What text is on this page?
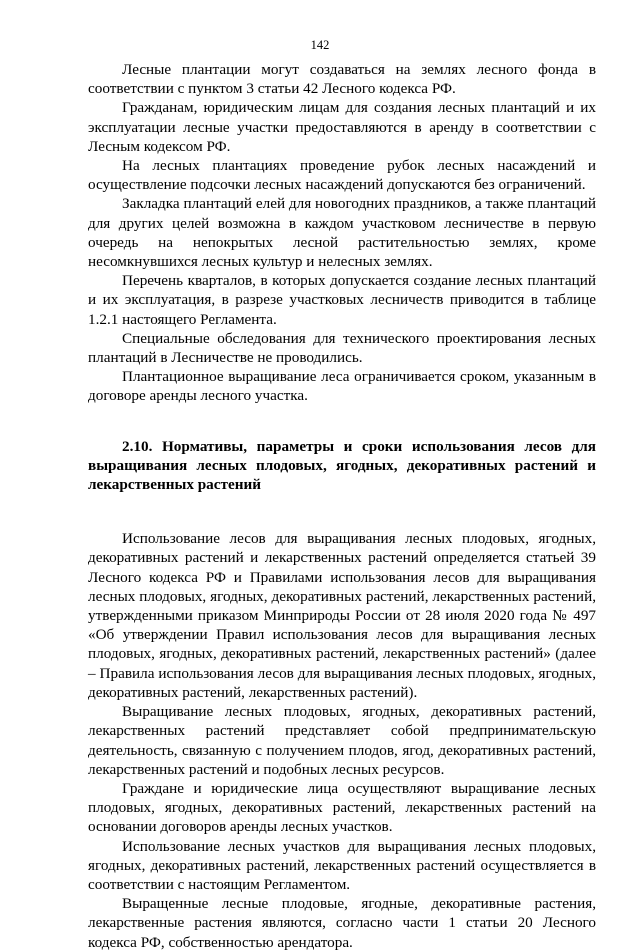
142

Лесные плантации могут создаваться на землях лесного фонда в соответствии с пунктом 3 статьи 42 Лесного кодекса РФ.

Гражданам, юридическим лицам для создания лесных плантаций и их эксплуатации лесные участки предоставляются в аренду в соответствии с Лесным кодексом РФ.

На лесных плантациях проведение рубок лесных насаждений и осуществление подсочки лесных насаждений допускаются без ограничений.

Закладка плантаций елей для новогодних праздников, а также плантаций для других целей возможна в каждом участковом лесничестве в первую очередь на непокрытых лесной растительностью землях, кроме несомкнувшихся лесных культур и нелесных землях.

Перечень кварталов, в которых допускается создание лесных плантаций и их эксплуатация, в разрезе участковых лесничеств приводится в таблице 1.2.1 настоящего Регламента.

Специальные обследования для технического проектирования лесных плантаций в Лесничестве не проводились.

Плантационное выращивание леса ограничивается сроком, указанным в договоре аренды лесного участка.

2.10. Нормативы, параметры и сроки использования лесов для выращивания лесных плодовых, ягодных, декоративных растений и лекарственных растений

Использование лесов для выращивания лесных плодовых, ягодных, декоративных растений и лекарственных растений определяется статьей 39 Лесного кодекса РФ и Правилами использования лесов для выращивания лесных плодовых, ягодных, декоративных растений, лекарственных растений, утвержденными приказом Минприроды России от 28 июля 2020 года № 497 «Об утверждении Правил использования лесов для выращивания лесных плодовых, ягодных, декоративных растений, лекарственных растений» (далее – Правила использования лесов для выращивания лесных плодовых, ягодных, декоративных растений, лекарственных растений).

Выращивание лесных плодовых, ягодных, декоративных растений, лекарственных растений представляет собой предпринимательскую деятельность, связанную с получением плодов, ягод, декоративных растений, лекарственных растений и подобных лесных ресурсов.

Граждане и юридические лица осуществляют выращивание лесных плодовых, ягодных, декоративных растений, лекарственных растений на основании договоров аренды лесных участков.

Использование лесных участков для выращивания лесных плодовых, ягодных, декоративных растений, лекарственных растений осуществляется в соответствии с настоящим Регламентом.

Выращенные лесные плодовые, ягодные, декоративные растения, лекарственные растения являются, согласно части 1 статьи 20 Лесного кодекса РФ, собственностью арендатора.
